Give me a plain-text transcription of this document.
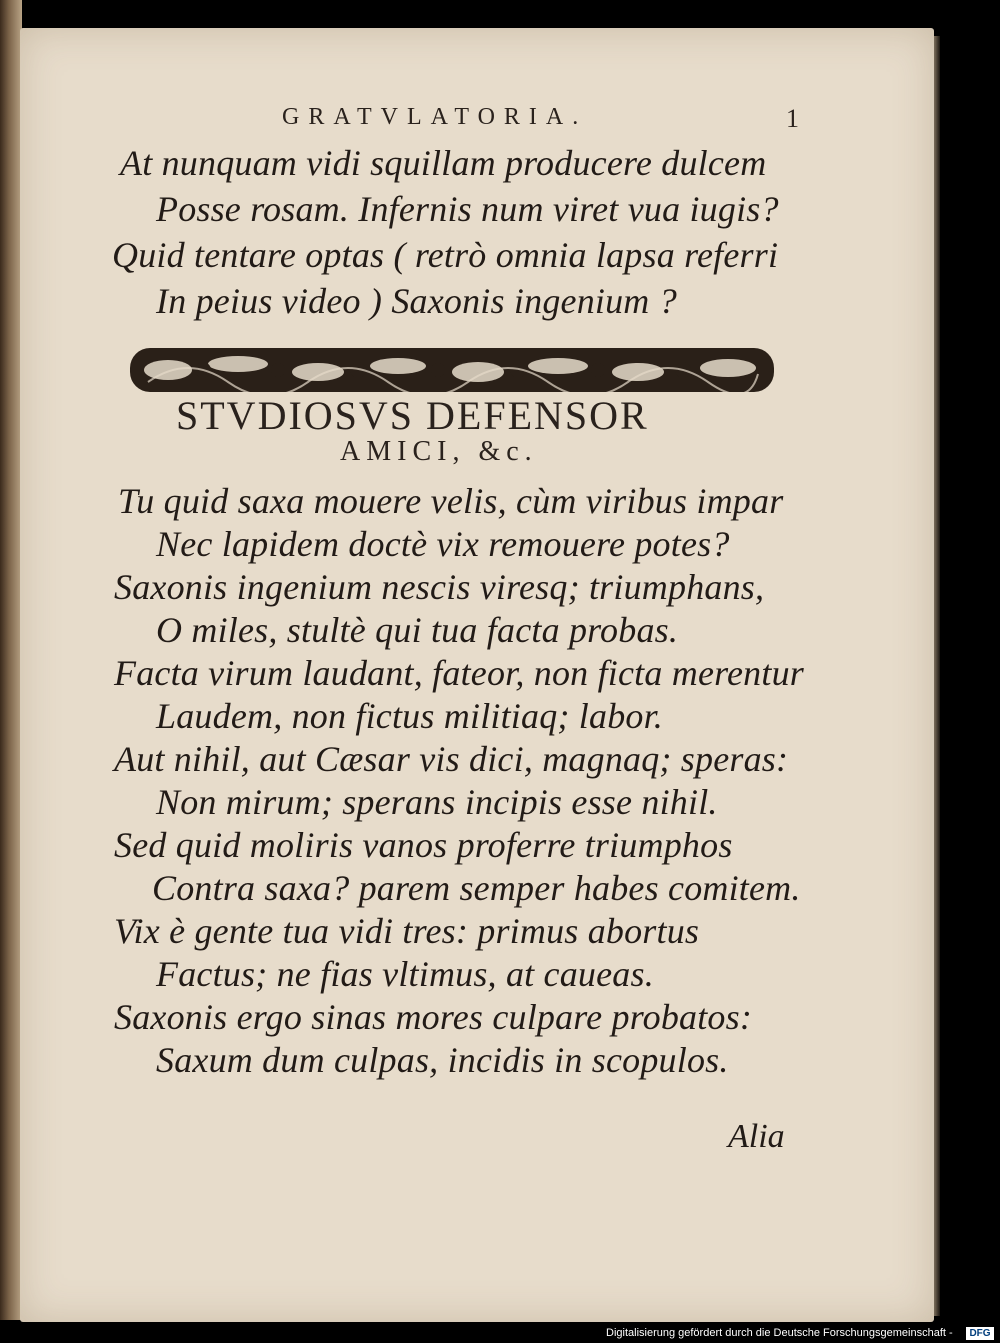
GRATVLATORIA.	1
At nunquam vidi squillam producere dulcem
Posse rosam. Infernis num viret vua iugis?
Quid tentare optas ( retrò omnia lapsa referri
In peius video ) Saxonis ingenium ?
STVDIOSVS DEFENSOR
AMICI, &c.
Tu quid saxa mouere velis, cùm viribus impar
Nec lapidem doctè vix remouere potes?
Saxonis ingenium nescis viresq; triumphans,
O miles, stultè qui tua facta probas.
Facta virum laudant, fateor, non ficta merentur
Laudem, non fictus militiaq; labor.
Aut nihil, aut Cæsar vis dici, magnaq; speras:
Non mirum; sperans incipis esse nihil.
Sed quid moliris vanos proferre triumphos
Contra saxa? parem semper habes comitem.
Vix è gente tua vidi tres: primus abortus
Factus; ne fias vltimus, at caueas.
Saxonis ergo sinas mores culpare probatos:
Saxum dum culpas, incidis in scopulos.
Alia
Digitalisierung gefördert durch die Deutsche Forschungsgemeinschaft -	DFG
